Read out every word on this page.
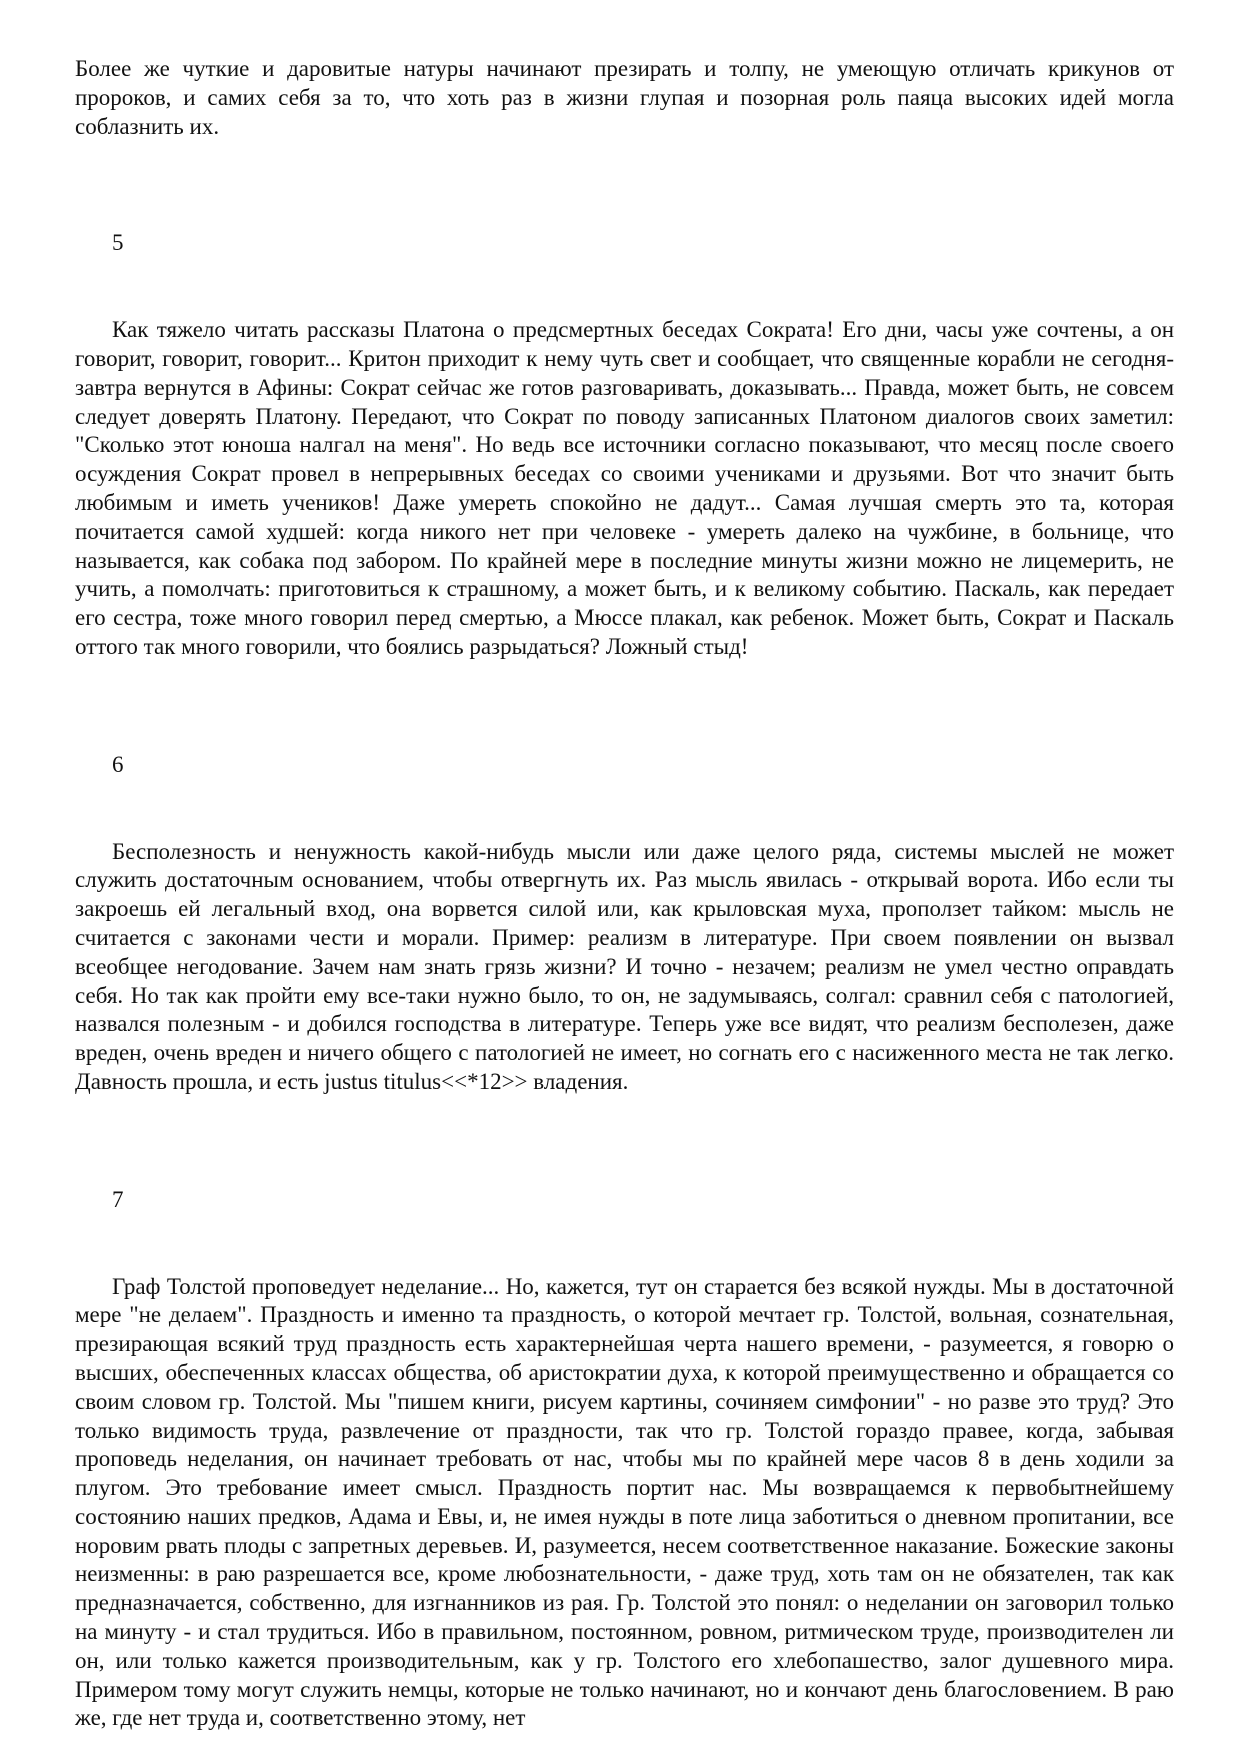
Более же чуткие и даровитые натуры начинают презирать и толпу, не умеющую отличать крикунов от пророков, и самих себя за то, что хоть раз в жизни глупая и позорная роль паяца высоких идей могла соблазнить их.

5

Как тяжело читать рассказы Платона о предсмертных беседах Сократа! Его дни, часы уже сочтены, а он говорит, говорит, говорит... Критон приходит к нему чуть свет и сообщает, что священные корабли не сегодня-завтра вернутся в Афины: Сократ сейчас же готов разговаривать, доказывать... Правда, может быть, не совсем следует доверять Платону. Передают, что Сократ по поводу записанных Платоном диалогов своих заметил: "Сколько этот юноша налгал на меня". Но ведь все источники согласно показывают, что месяц после своего осуждения Сократ провел в непрерывных беседах со своими учениками и друзьями. Вот что значит быть любимым и иметь учеников! Даже умереть спокойно не дадут... Самая лучшая смерть это та, которая почитается самой худшей: когда никого нет при человеке - умереть далеко на чужбине, в больнице, что называется, как собака под забором. По крайней мере в последние минуты жизни можно не лицемерить, не учить, а помолчать: приготовиться к страшному, а может быть, и к великому событию. Паскаль, как передает его сестра, тоже много говорил перед смертью, а Мюссе плакал, как ребенок. Может быть, Сократ и Паскаль оттого так много говорили, что боялись разрыдаться? Ложный стыд!

6

Бесполезность и ненужность какой-нибудь мысли или даже целого ряда, системы мыслей не может служить достаточным основанием, чтобы отвергнуть их. Раз мысль явилась - открывай ворота. Ибо если ты закроешь ей легальный вход, она ворвется силой или, как крыловская муха, проползет тайком: мысль не считается с законами чести и морали. Пример: реализм в литературе. При своем появлении он вызвал всеобщее негодование. Зачем нам знать грязь жизни? И точно - незачем; реализм не умел честно оправдать себя. Но так как пройти ему все-таки нужно было, то он, не задумываясь, солгал: сравнил себя с патологией, назвался полезным - и добился господства в литературе. Теперь уже все видят, что реализм бесполезен, даже вреден, очень вреден и ничего общего с патологией не имеет, но согнать его с насиженного места не так легко. Давность прошла, и есть justus titulus<<*12>> владения.

7

Граф Толстой проповедует неделание... Но, кажется, тут он старается без всякой нужды. Мы в достаточной мере "не делаем". Праздность и именно та праздность, о которой мечтает гр. Толстой, вольная, сознательная, презирающая всякий труд праздность есть характернейшая черта нашего времени, - разумеется, я говорю о высших, обеспеченных классах общества, об аристократии духа, к которой преимущественно и обращается со своим словом гр. Толстой. Мы "пишем книги, рисуем картины, сочиняем симфонии" - но разве это труд? Это только видимость труда, развлечение от праздности, так что гр. Толстой гораздо правее, когда, забывая проповедь неделания, он начинает требовать от нас, чтобы мы по крайней мере часов 8 в день ходили за плугом. Это требование имеет смысл. Праздность портит нас. Мы возвращаемся к первобытнейшему состоянию наших предков, Адама и Евы, и, не имея нужды в поте лица заботиться о дневном пропитании, все норовим рвать плоды с запретных деревьев. И, разумеется, несем соответственное наказание. Божеские законы неизменны: в раю разрешается все, кроме любознательности, - даже труд, хоть там он не обязателен, так как предназначается, собственно, для изгнанников из рая. Гр. Толстой это понял: о неделании он заговорил только на минуту - и стал трудиться. Ибо в правильном, постоянном, ровном, ритмическом труде, производителен ли он, или только кажется производительным, как у гр. Толстого его хлебопашество, залог душевного мира. Примером тому могут служить немцы, которые не только начинают, но и кончают день благословением. В раю же, где нет труда и, соответственно этому, нет
